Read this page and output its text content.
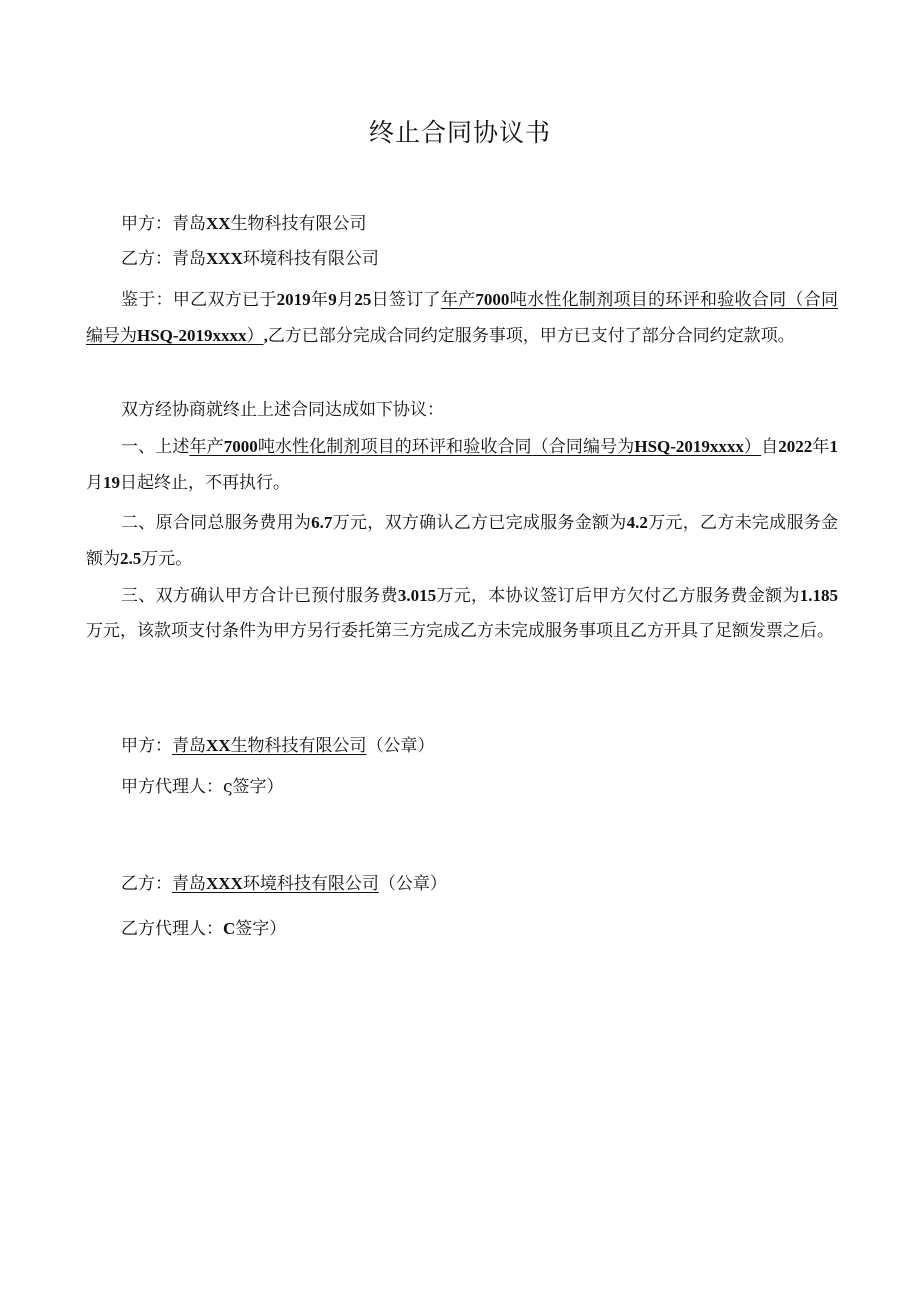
终止合同协议书
甲方：青岛XX生物科技有限公司
乙方：青岛XXX环境科技有限公司
鉴于：甲乙双方已于2019年9月25日签订了年产7000吨水性化制剂项目的环评和验收合同（合同编号为HSQ-2019xxxx）,乙方已部分完成合同约定服务事项，甲方已支付了部分合同约定款项。
双方经协商就终止上述合同达成如下协议：
一、上述年产7000吨水性化制剂项目的环评和验收合同（合同编号为HSQ-2019xxxx）自2022年1月19日起终止，不再执行。
二、原合同总服务费用为6.7万元，双方确认乙方已完成服务金额为4.2万元，乙方未完成服务金额为2.5万元。
三、双方确认甲方合计已预付服务费3.015万元，本协议签订后甲方欠付乙方服务费金额为1.185万元，该款项支付条件为甲方另行委托第三方完成乙方未完成服务事项且乙方开具了足额发票之后。
甲方：青岛XX生物科技有限公司（公章）
甲方代理人：ς签字）
乙方：青岛XXX环境科技有限公司（公章）
乙方代理人：C签字）
